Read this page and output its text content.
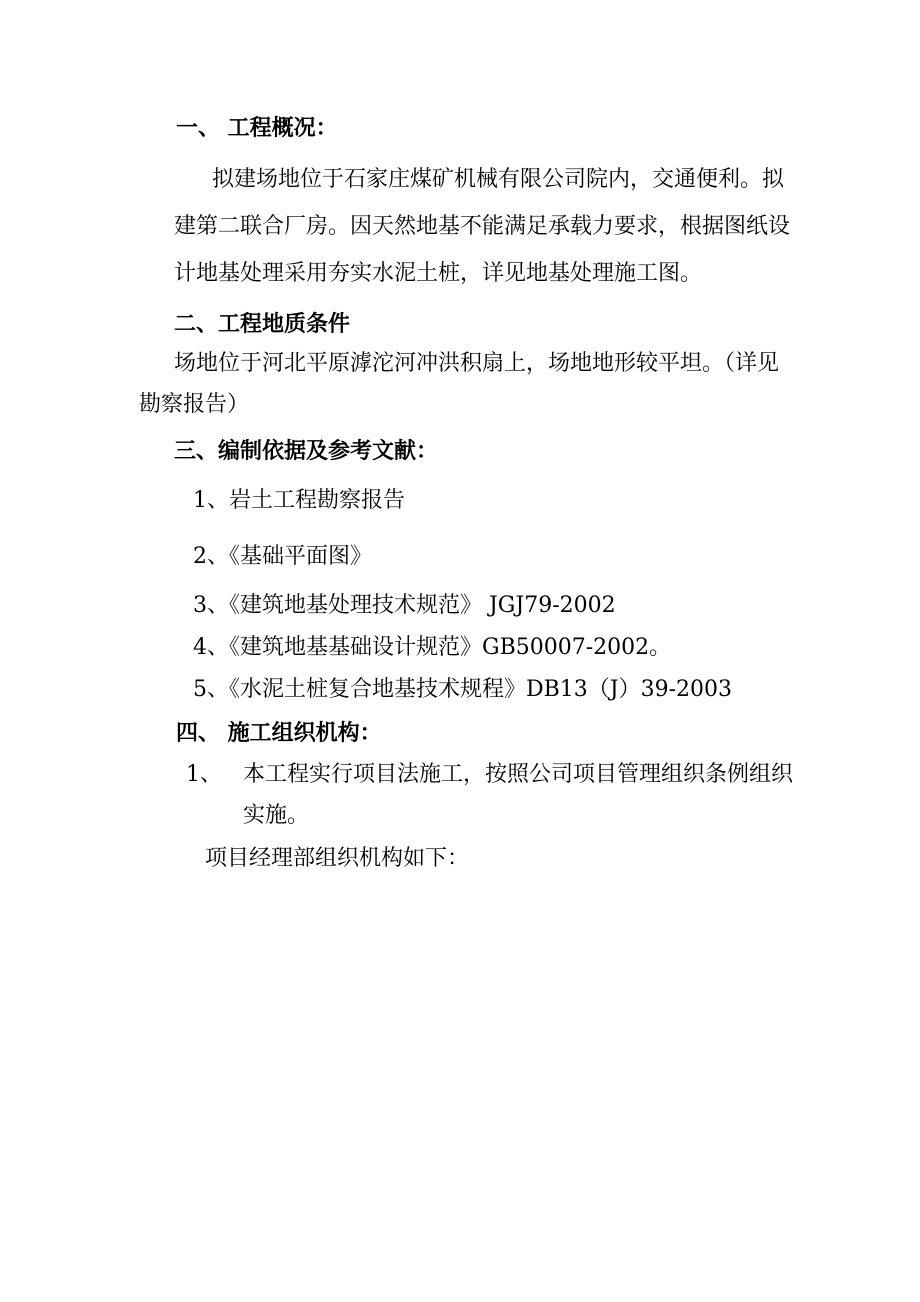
一、 工程概况：
拟建场地位于石家庄煤矿机械有限公司院内，交通便利。拟
建第二联合厂房。因天然地基不能满足承载力要求，根据图纸设
计地基处理采用夯实水泥土桩，详见地基处理施工图。
二、工程地质条件
场地位于河北平原滹沱河冲洪积扇上，场地地形较平坦。（详见
勘察报告）
三、编制依据及参考文献：
1、岩土工程勘察报告
2、《基础平面图》
3、《建筑地基处理技术规范》 JGJ79-2002
4、《建筑地基基础设计规范》GB50007-2002。
5、《水泥土桩复合地基技术规程》DB13（J）39-2003
四、 施工组织机构：
1、 本工程实行项目法施工，按照公司项目管理组织条例组织
实施。
项目经理部组织机构如下：
